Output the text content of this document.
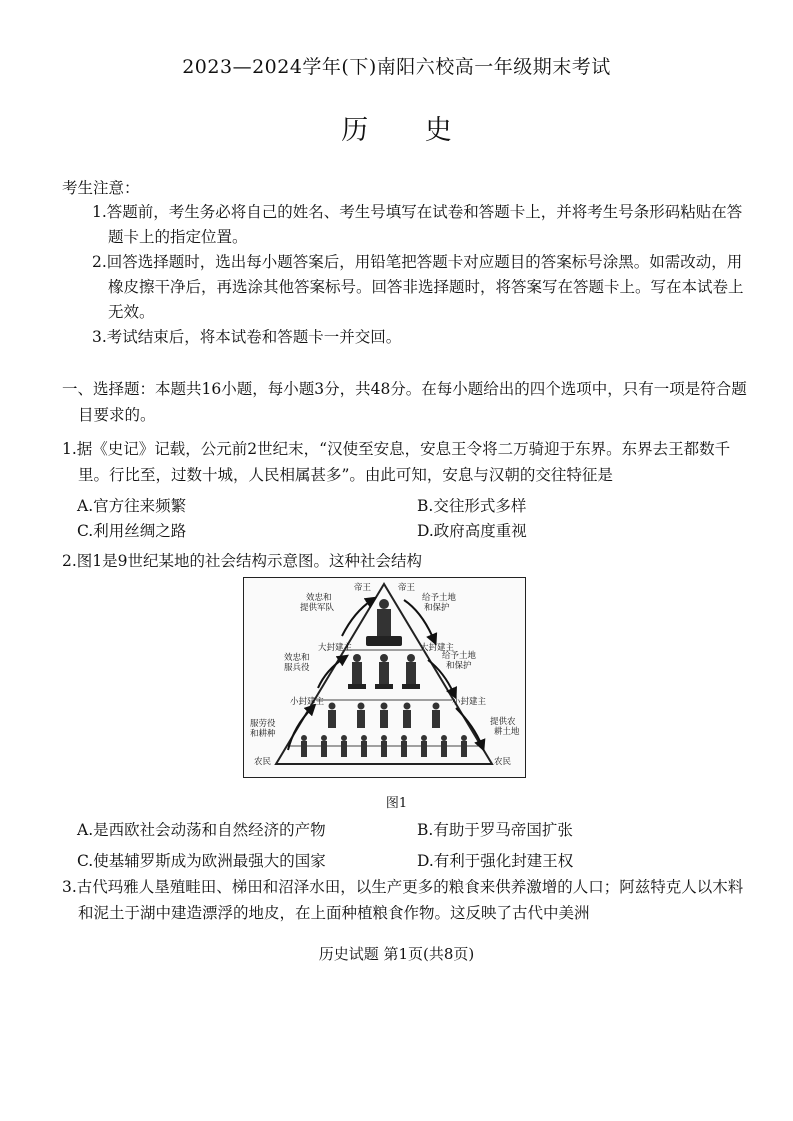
2023—2024学年(下)南阳六校高一年级期末考试
历 史
考生注意：
1.答题前，考生务必将自己的姓名、考生号填写在试卷和答题卡上，并将考生号条形码粘贴在答题卡上的指定位置。
2.回答选择题时，选出每小题答案后，用铅笔把答题卡对应题目的答案标号涂黑。如需改动，用橡皮擦干净后，再选涂其他答案标号。回答非选择题时，将答案写在答题卡上。写在本试卷上无效。
3.考试结束后，将本试卷和答题卡一并交回。
一、选择题：本题共16小题，每小题3分，共48分。在每小题给出的四个选项中，只有一项是符合题目要求的。
1.据《史记》记载，公元前2世纪末，“汉使至安息，安息王令将二万骑迎于东界。东界去王都数千里。行比至，过数十城，人民相属甚多”。由此可知，安息与汉朝的交往特征是
A.官方往来频繁	B.交往形式多样
C.利用丝绸之路	D.政府高度重视
2.图1是9世纪某地的社会结构示意图。这种社会结构
帝王	帝王
效忠和提供军队
给予土地和保护
大封建主	大封建主
效忠和服兵役
给予土地和保护
小封建主	小封建主
服劳役和耕种
提供农耕土地
农民	农民
图1
A.是西欧社会动荡和自然经济的产物	B.有助于罗马帝国扩张
C.使基辅罗斯成为欧洲最强大的国家	D.有利于强化封建王权
3.古代玛雅人垦殖畦田、梯田和沼泽水田，以生产更多的粮食来供养激增的人口；阿兹特克人以木料和泥土于湖中建造漂浮的地皮，在上面种植粮食作物。这反映了古代中美洲
历史试题 第1页(共8页)
